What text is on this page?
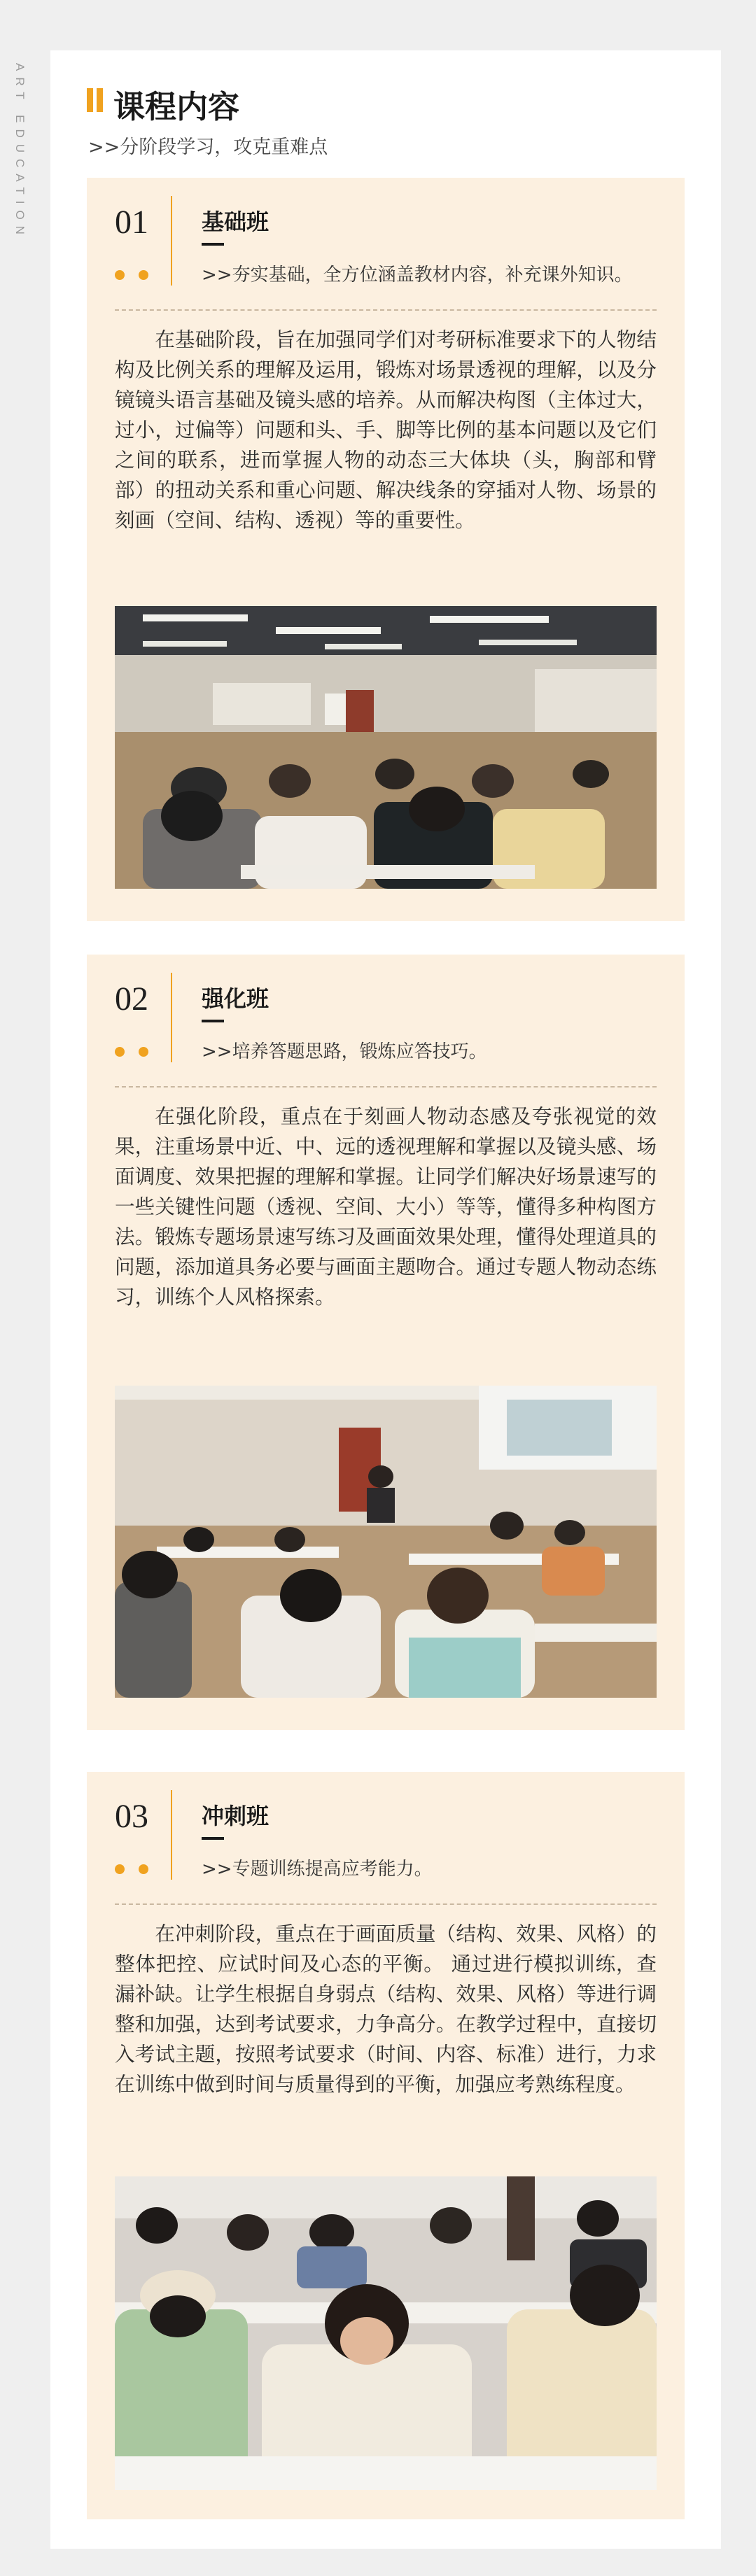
ART EDUCATION	课程内容
>>分阶段学习，攻克重难点
01 基础班
>>夯实基础，全方位涵盖教材内容，补充课外知识。

在基础阶段，旨在加强同学们对考研标准要求下的人物结构及比例关系的理解及运用，锻炼对场景透视的理解，以及分镜镜头语言基础及镜头感的培养。从而解决构图（主体过大，过小，过偏等）问题和头、手、脚等比例的基本问题以及它们之间的联系，进而掌握人物的动态三大体块（头，胸部和臂部）的扭动关系和重心问题、解决线条的穿插对人物、场景的刻画（空间、结构、透视）等的重要性。

02 强化班
>>培养答题思路，锻炼应答技巧。

在强化阶段，重点在于刻画人物动态感及夸张视觉的效果，注重场景中近、中、远的透视理解和掌握以及镜头感、场面调度、效果把握的理解和掌握。让同学们解决好场景速写的一些关键性问题（透视、空间、大小）等等，懂得多种构图方法。锻炼专题场景速写练习及画面效果处理，懂得处理道具的问题，添加道具务必要与画面主题吻合。通过专题人物动态练习，训练个人风格探索。

03 冲刺班
>>专题训练提高应考能力。

在冲刺阶段，重点在于画面质量（结构、效果、风格）的整体把控、应试时间及心态的平衡。 通过进行模拟训练，查漏补缺。让学生根据自身弱点（结构、效果、风格）等进行调整和加强，达到考试要求，力争高分。在教学过程中，直接切入考试主题，按照考试要求（时间、内容、标准）进行，力求在训练中做到时间与质量得到的平衡，加强应考熟练程度。
